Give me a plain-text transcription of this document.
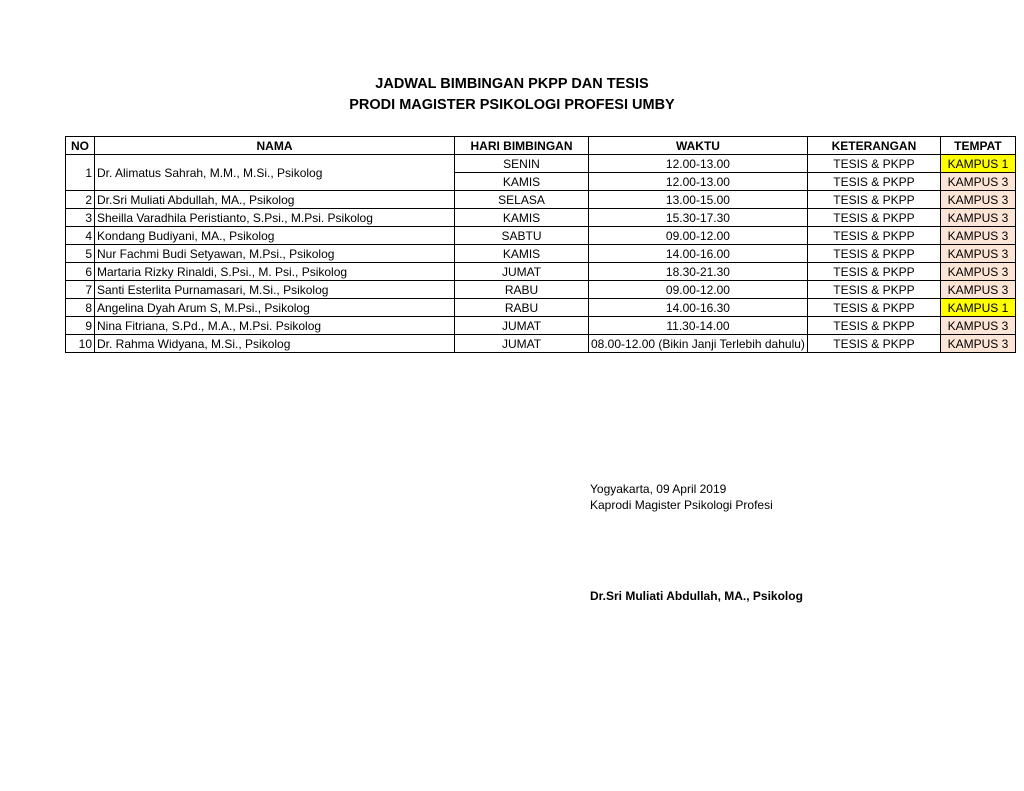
JADWAL BIMBINGAN PKPP DAN TESIS
PRODI MAGISTER PSIKOLOGI PROFESI UMBY
NO	NAMA	HARI BIMBINGAN	WAKTU	KETERANGAN	TEMPAT
1	Dr. Alimatus Sahrah, M.M., M.Si., Psikolog	SENIN	12.00-13.00	TESIS & PKPP	KAMPUS 1
		KAMIS	12.00-13.00	TESIS & PKPP	KAMPUS 3
2	Dr.Sri Muliati Abdullah, MA., Psikolog	SELASA	13.00-15.00	TESIS & PKPP	KAMPUS 3
3	Sheilla Varadhila Peristianto, S.Psi., M.Psi. Psikolog	KAMIS	15.30-17.30	TESIS & PKPP	KAMPUS 3
4	Kondang Budiyani, MA., Psikolog	SABTU	09.00-12.00	TESIS & PKPP	KAMPUS 3
5	Nur Fachmi Budi Setyawan, M.Psi., Psikolog	KAMIS	14.00-16.00	TESIS & PKPP	KAMPUS 3
6	Martaria Rizky Rinaldi, S.Psi., M. Psi., Psikolog	JUMAT	18.30-21.30	TESIS & PKPP	KAMPUS 3
7	Santi Esterlita Purnamasari, M.Si., Psikolog	RABU	09.00-12.00	TESIS & PKPP	KAMPUS 3
8	Angelina Dyah Arum S, M.Psi., Psikolog	RABU	14.00-16.30	TESIS & PKPP	KAMPUS 1
9	Nina Fitriana, S.Pd., M.A., M.Psi. Psikolog	JUMAT	11.30-14.00	TESIS & PKPP	KAMPUS 3
10	Dr. Rahma Widyana, M.Si., Psikolog	JUMAT	08.00-12.00 (Bikin Janji Terlebih dahulu)	TESIS & PKPP	KAMPUS 3
Yogyakarta, 09 April 2019
Kaprodi Magister Psikologi Profesi
Dr.Sri Muliati Abdullah, MA., Psikolog
